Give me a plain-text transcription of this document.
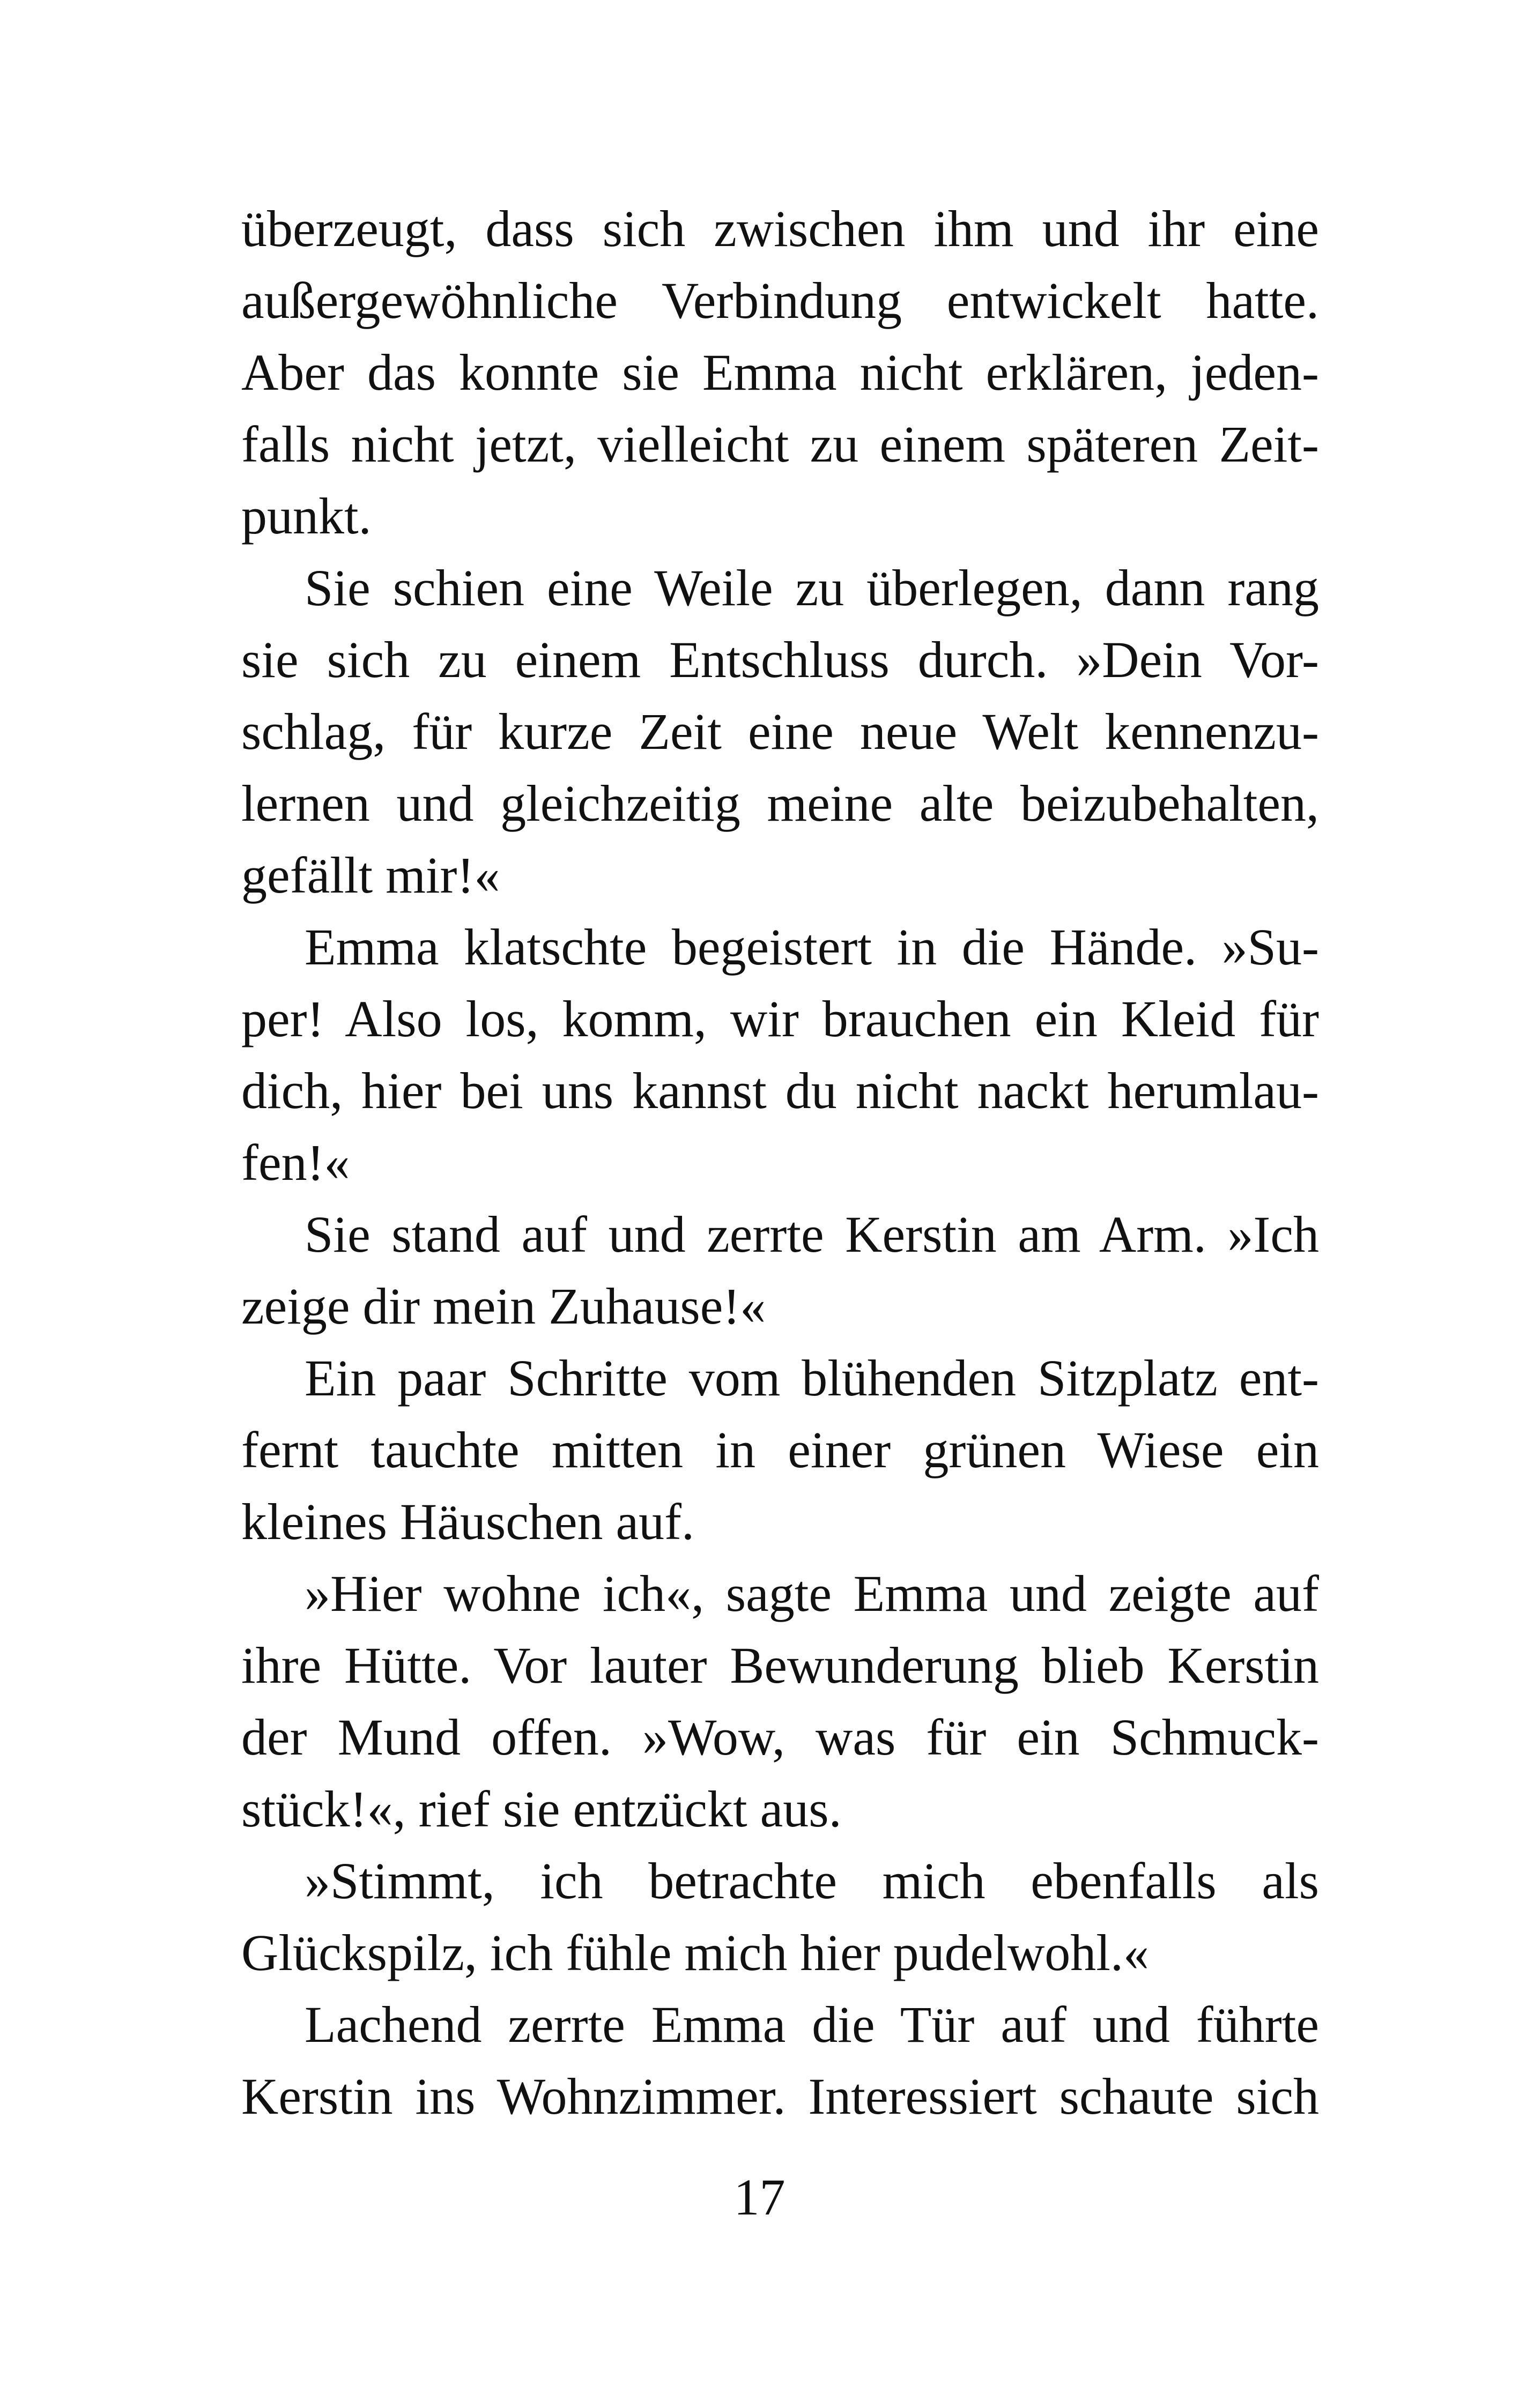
überzeugt, dass sich zwischen ihm und ihr eine
außergewöhnliche Verbindung entwickelt hatte.
Aber das konnte sie Emma nicht erklären, jeden-
falls nicht jetzt, vielleicht zu einem späteren Zeit-
punkt.
Sie schien eine Weile zu überlegen, dann rang
sie sich zu einem Entschluss durch. »Dein Vor-
schlag, für kurze Zeit eine neue Welt kennenzu-
lernen und gleichzeitig meine alte beizubehalten,
gefällt mir!«
Emma klatschte begeistert in die Hände. »Su-
per! Also los, komm, wir brauchen ein Kleid für
dich, hier bei uns kannst du nicht nackt herumlau-
fen!«
Sie stand auf und zerrte Kerstin am Arm. »Ich
zeige dir mein Zuhause!«
Ein paar Schritte vom blühenden Sitzplatz ent-
fernt tauchte mitten in einer grünen Wiese ein
kleines Häuschen auf.
»Hier wohne ich«, sagte Emma und zeigte auf
ihre Hütte. Vor lauter Bewunderung blieb Kerstin
der Mund offen. »Wow, was für ein Schmuck-
stück!«, rief sie entzückt aus.
»Stimmt, ich betrachte mich ebenfalls als
Glückspilz, ich fühle mich hier pudelwohl.«
Lachend zerrte Emma die Tür auf und führte
Kerstin ins Wohnzimmer. Interessiert schaute sich
17
